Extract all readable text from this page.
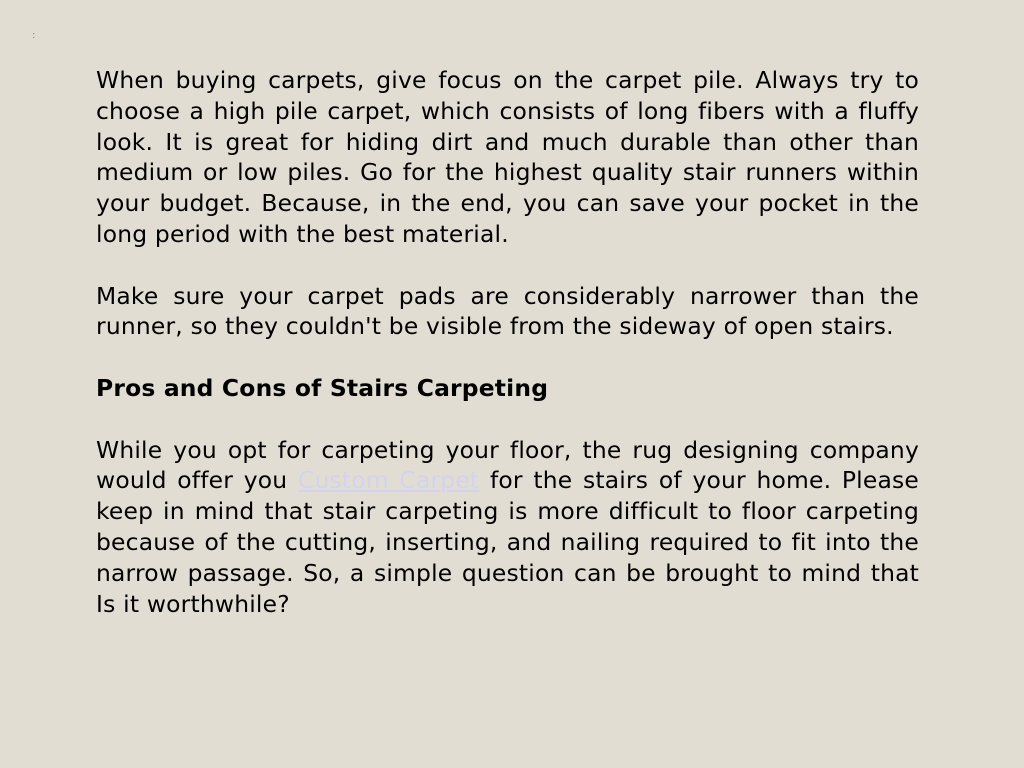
:

When buying carpets, give focus on the carpet pile. Always try to choose a high pile carpet, which consists of long fibers with a fluffy look. It is great for hiding dirt and much durable than other than medium or low piles. Go for the highest quality stair runners within your budget. Because, in the end, you can save your pocket in the long period with the best material.

Make sure your carpet pads are considerably narrower than the runner, so they couldn't be visible from the sideway of open stairs.

Pros and Cons of Stairs Carpeting

While you opt for carpeting your floor, the rug designing company would offer you Custom Carpet for the stairs of your home. Please keep in mind that stair carpeting is more difficult to floor carpeting because of the cutting, inserting, and nailing required to fit into the narrow passage. So, a simple question can be brought to mind that Is it worthwhile?
